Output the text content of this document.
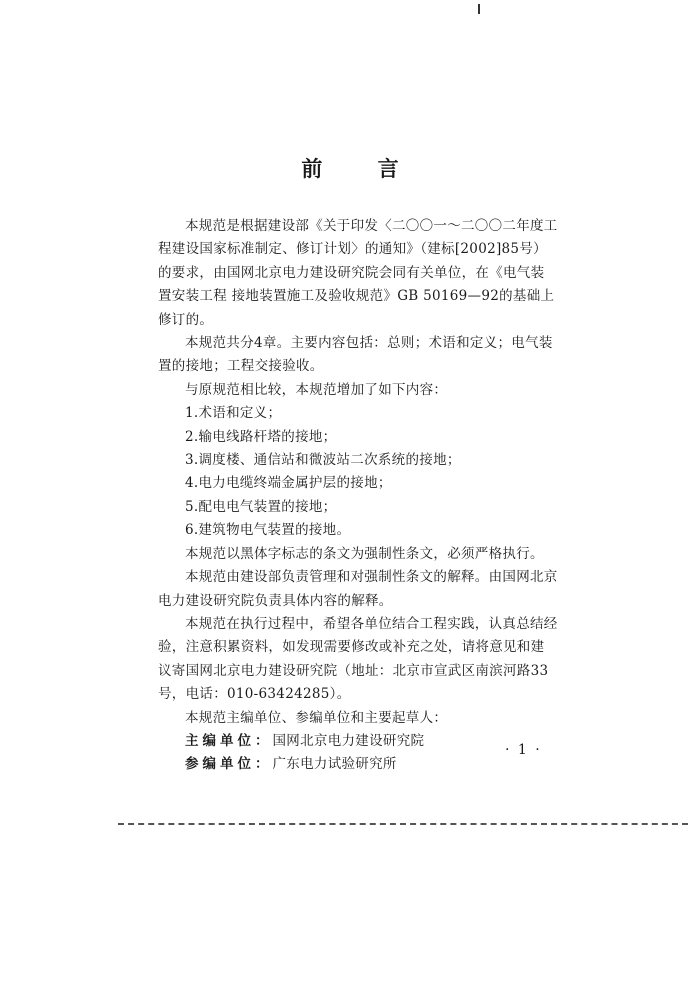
前 言

本规范是根据建设部《关于印发〈二〇〇一～二〇〇二年度工程建设国家标准制定、修订计划〉的通知》（建标[2002]85号）的要求，由国网北京电力建设研究院会同有关单位，在《电气装置安装工程 接地装置施工及验收规范》GB 50169—92的基础上修订的。

本规范共分4章。主要内容包括：总则；术语和定义；电气装置的接地；工程交接验收。

与原规范相比较，本规范增加了如下内容：

1.术语和定义；

2.输电线路杆塔的接地；

3.调度楼、通信站和微波站二次系统的接地；

4.电力电缆终端金属护层的接地；

5.配电电气装置的接地；

6.建筑物电气装置的接地。

本规范以黑体字标志的条文为强制性条文，必须严格执行。

本规范由建设部负责管理和对强制性条文的解释。由国网北京电力建设研究院负责具体内容的解释。

本规范在执行过程中，希望各单位结合工程实践，认真总结经验，注意积累资料，如发现需要修改或补充之处，请将意见和建议寄国网北京电力建设研究院（地址：北京市宣武区南滨河路33号，电话：010-63424285）。

本规范主编单位、参编单位和主要起草人：

主编单位：国网北京电力建设研究院

参编单位：广东电力试验研究所

· 1 ·
